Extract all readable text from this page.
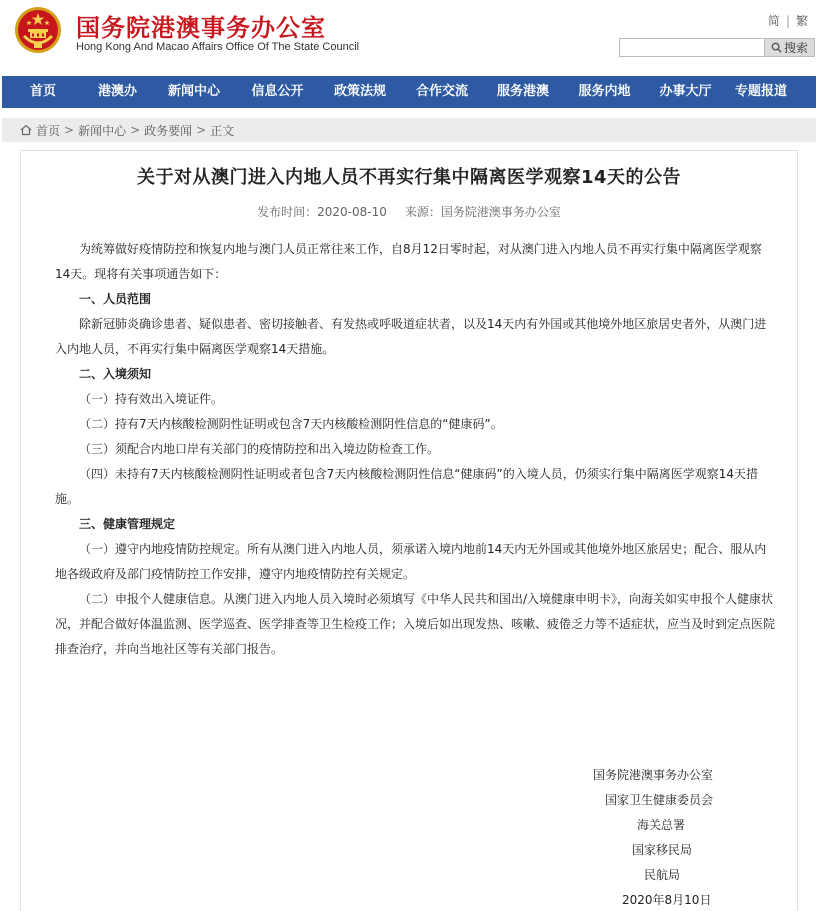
国务院港澳事务办公室
Hong Kong And Macao Affairs Office Of The State Council
简 | 繁
搜索
首页	港澳办	新闻中心	信息公开	政策法规	合作交流	服务港澳	服务内地	办事大厅	专题报道
首页 > 新闻中心 > 政务要闻 > 正文
关于对从澳门进入内地人员不再实行集中隔离医学观察14天的公告
发布时间：2020-08-10 来源：国务院港澳事务办公室

为统筹做好疫情防控和恢复内地与澳门人员正常往来工作，自8月12日零时起，对从澳门进入内地人员不再实行集中隔离医学观察14天。现将有关事项通告如下：

一、人员范围

除新冠肺炎确诊患者、疑似患者、密切接触者、有发热或呼吸道症状者，以及14天内有外国或其他境外地区旅居史者外，从澳门进入内地人员，不再实行集中隔离医学观察14天措施。

二、入境须知

（一）持有效出入境证件。

（二）持有7天内核酸检测阴性证明或包含7天内核酸检测阴性信息的“健康码”。

（三）须配合内地口岸有关部门的疫情防控和出入境边防检查工作。

（四）未持有7天内核酸检测阴性证明或者包含7天内核酸检测阴性信息“健康码”的入境人员，仍须实行集中隔离医学观察14天措施。

三、健康管理规定

（一）遵守内地疫情防控规定。所有从澳门进入内地人员，须承诺入境内地前14天内无外国或其他境外地区旅居史；配合、服从内地各级政府及部门疫情防控工作安排，遵守内地疫情防控有关规定。

（二）申报个人健康信息。从澳门进入内地人员入境时必须填写《中华人民共和国出/入境健康申明卡》，向海关如实申报个人健康状况，并配合做好体温监测、医学巡查、医学排查等卫生检疫工作；入境后如出现发热、咳嗽、疲倦乏力等不适症状，应当及时到定点医院排查治疗，并向当地社区等有关部门报告。

国务院港澳事务办公室
国家卫生健康委员会
海关总署
国家移民局
民航局
2020年8月10日
